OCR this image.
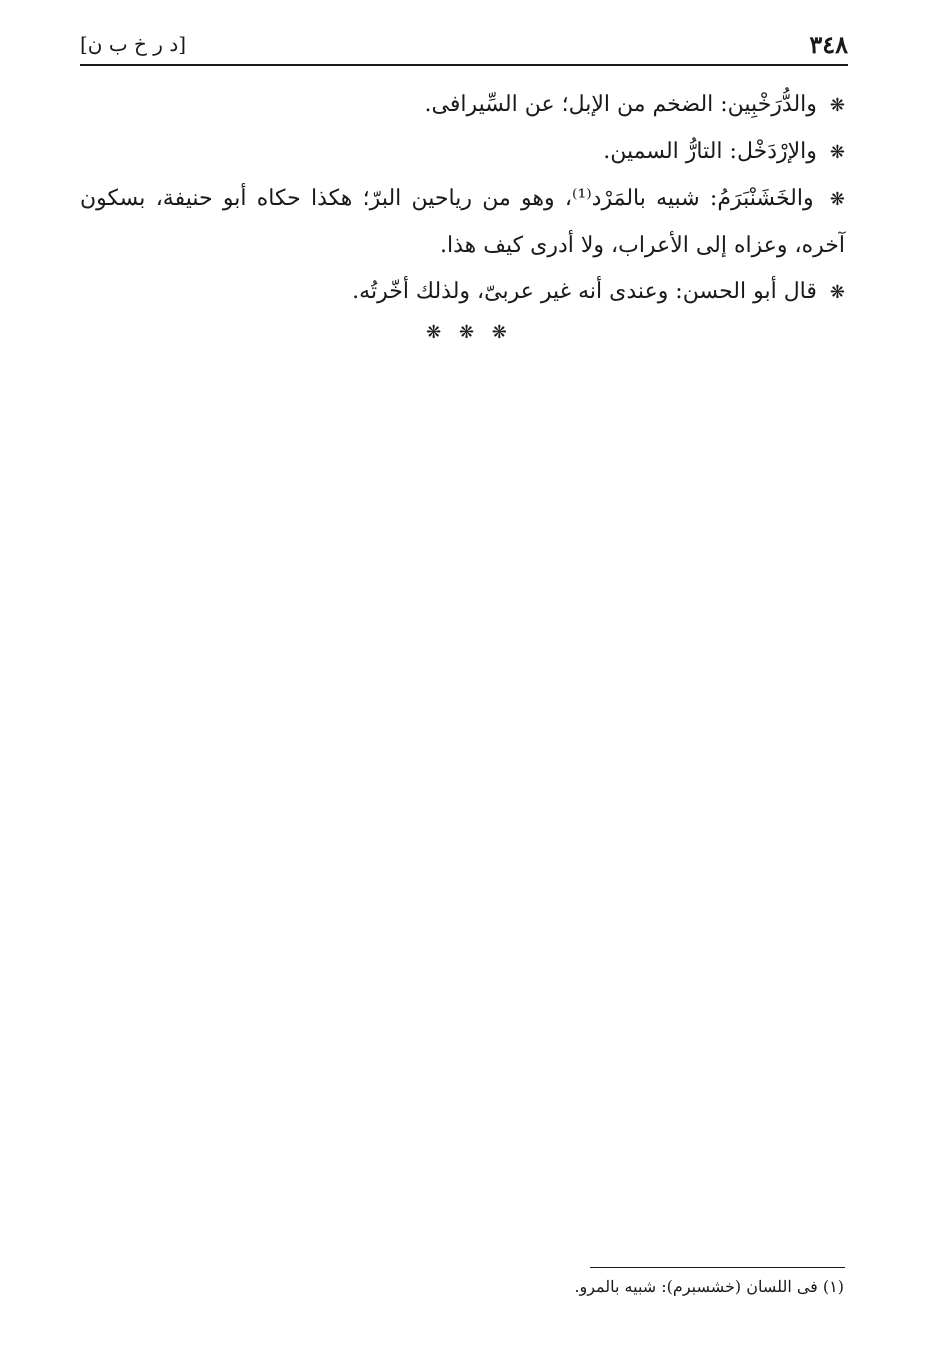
٣٤٨
[د ر خ ب ن]

❋ والدُّرَخْبِين: الضخم من الإبل؛ عن السِّيرافى.

❋ والإرْدَخْل: التارُّ السمين.

❋ والخَشَنْبَرَمُ: شبيه بالمَرْد⁽¹⁾، وهو من رياحين البرّ؛ هكذا حكاه أبو حنيفة، بسكون آخره، وعزاه إلى الأعراب، ولا أدرى كيف هذا.

❋ قال أبو الحسن: وعندى أنه غير عربىّ، ولذلك أخّرتُه.

❋ ❋ ❋
(١) فى اللسان (خشسبرم): شبيه بالمرو.
